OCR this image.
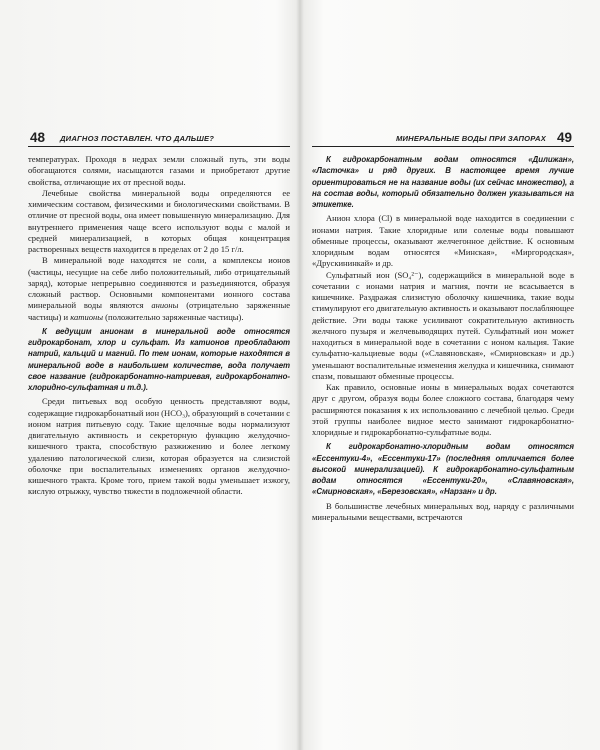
48 ДИАГНОЗ ПОСТАВЛЕН. ЧТО ДАЛЬШЕ?

температурах. Проходя в недрах земли сложный путь, эти воды обогащаются солями, насыщаются газами и приобретают другие свойства, отличающие их от пресной воды.

Лечебные свойства минеральной воды определяются ее химическим составом, физическими и биологическими свойствами. В отличие от пресной воды, она имеет повышенную минерализацию. Для внутреннего применения чаще всего используют воды с малой и средней минерализацией, в которых общая концентрация растворенных веществ находится в пределах от 2 до 15 г/л.

В минеральной воде находятся не соли, а комплексы ионов (частицы, несущие на себе либо положительный, либо отрицательный заряд), которые непрерывно соединяются и разъединяются, образуя сложный раствор. Основными компонентами ионного состава минеральной воды являются анионы (отрицательно заряженные частицы) и катионы (положительно заряженные частицы).

К ведущим анионам в минеральной воде относятся гидрокарбонат, хлор и сульфат. Из катионов преобладают натрий, кальций и магний. По тем ионам, которые находятся в минеральной воде в наибольшем количестве, вода получает свое название (гидрокарбонатно-натриевая, гидрокарбонатно-хлоридно-сульфатная и т.д.).

Среди питьевых вод особую ценность представляют воды, содержащие гидрокарбонатный ион (HCO₃), образующий в сочетании с ионом натрия питьевую соду. Такие щелочные воды нормализуют двигательную активность и секреторную функцию желудочно-кишечного тракта, способствую разжижению и более легкому удалению патологической слизи, которая образуется на слизистой оболочке при воспалительных изменениях органов желудочно-кишечного тракта. Кроме того, прием такой воды уменьшает изжогу, кислую отрыжку, чувство тяжести в подложечной области.

МИНЕРАЛЬНЫЕ ВОДЫ ПРИ ЗАПОРАХ 49

К гидрокарбонатным водам относятся «Дилижан», «Ласточка» и ряд других. В настоящее время лучше ориентироваться не на название воды (их сейчас множество), а на состав воды, который обязательно должен указываться на этикетке.

Анион хлора (Cl) в минеральной воде находится в соединении с ионами натрия. Такие хлоридные или соленые воды повышают обменные процессы, оказывают желчегонное действие. К основным хлоридным водам относятся «Минская», «Миргородская», «Друскининкай» и др.

Сульфатный ион (SO₄²⁻), содержащийся в минеральной воде в сочетании с ионами натрия и магния, почти не всасывается в кишечнике. Раздражая слизистую оболочку кишечника, такие воды стимулируют его двигательную активность и оказывают послабляющее действие. Эти воды также усиливают сократительную активность желчного пузыря и желчевыводящих путей. Сульфатный ион может находиться в минеральной воде в сочетании с ионом кальция. Такие сульфатно-кальциевые воды («Славяновская», «Смирновская» и др.) уменьшают воспалительные изменения желудка и кишечника, снимают спазм, повышают обменные процессы.

Как правило, основные ионы в минеральных водах сочетаются друг с другом, образуя воды более сложного состава, благодаря чему расширяются показания к их использованию с лечебной целью. Среди этой группы наиболее видное место занимают гидрокарбонатно-хлоридные и гидрокарбонатно-сульфатные воды.

К гидрокарбонатно-хлоридным водам относятся «Ессентуки-4», «Ессентуки-17» (последняя отличается более высокой минерализацией). К гидрокарбонатно-сульфатным водам относятся «Ессентуки-20», «Славяновская», «Смирновская», «Березовская», «Нарзан» и др.

В большинстве лечебных минеральных вод, наряду с различными минеральными веществами, встречаются
